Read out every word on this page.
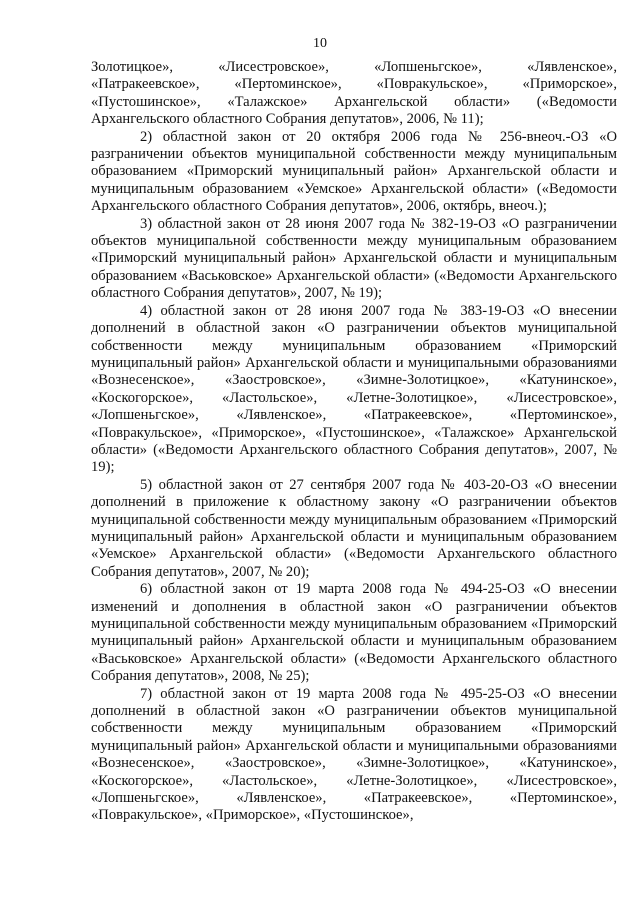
10

Золотицкое»,           «Лисестровское»,           «Лопшеньгское»,           «Лявленское», «Патракеевское», «Пертоминское», «Повракульское», «Приморское», «Пустошинское», «Талажское» Архангельской области» («Ведомости Архангельского областного Собрания депутатов», 2006, № 11);

2) областной закон от 20 октября 2006 года № 256-внеоч.-ОЗ «О разграничении объектов муниципальной собственности между муниципальным образованием «Приморский муниципальный район» Архангельской области и муниципальным образованием «Уемское» Архангельской области» («Ведомости Архангельского областного Собрания депутатов», 2006, октябрь, внеоч.);

3) областной закон от 28 июня 2007 года № 382-19-ОЗ «О разграничении объектов муниципальной собственности между муниципальным образованием «Приморский муниципальный район» Архангельской области и муниципальным образованием «Васьковское» Архангельской области» («Ведомости Архангельского областного Собрания депутатов», 2007, № 19);

4) областной закон от 28 июня 2007 года № 383-19-ОЗ «О внесении дополнений в областной закон «О разграничении объектов муниципальной собственности между муниципальным образованием «Приморский муниципальный район» Архангельской области и муниципальными образованиями «Вознесенское», «Заостровское», «Зимне-Золотицкое», «Катунинское», «Коскогорское», «Ластольское», «Летне-Золотицкое», «Лисестровское», «Лопшеньгское», «Лявленское», «Патракеевское», «Пертоминское», «Повракульское», «Приморское», «Пустошинское», «Талажское» Архангельской области» («Ведомости Архангельского областного Собрания депутатов», 2007, № 19);

5) областной закон от 27 сентября 2007 года № 403-20-ОЗ «О внесении дополнений в приложение к областному закону «О разграничении объектов муниципальной собственности между муниципальным образованием «Приморский муниципальный район» Архангельской области и муниципальным образованием «Уемское» Архангельской области» («Ведомости Архангельского областного Собрания депутатов», 2007, № 20);

6) областной закон от 19 марта 2008 года № 494-25-ОЗ «О внесении изменений и дополнения в областной закон «О разграничении объектов муниципальной собственности между муниципальным образованием «Приморский муниципальный район» Архангельской области и муниципальным образованием «Васьковское» Архангельской области» («Ведомости Архангельского областного Собрания депутатов», 2008, № 25);

7) областной закон от 19 марта 2008 года № 495-25-ОЗ «О внесении дополнений в областной закон «О разграничении объектов муниципальной собственности между муниципальным образованием «Приморский муниципальный район» Архангельской области и муниципальными образованиями «Вознесенское», «Заостровское», «Зимне-Золотицкое», «Катунинское», «Коскогорское», «Ластольское», «Летне-Золотицкое», «Лисестровское», «Лопшеньгское», «Лявленское», «Патракеевское», «Пертоминское», «Повракульское», «Приморское», «Пустошинское»,
